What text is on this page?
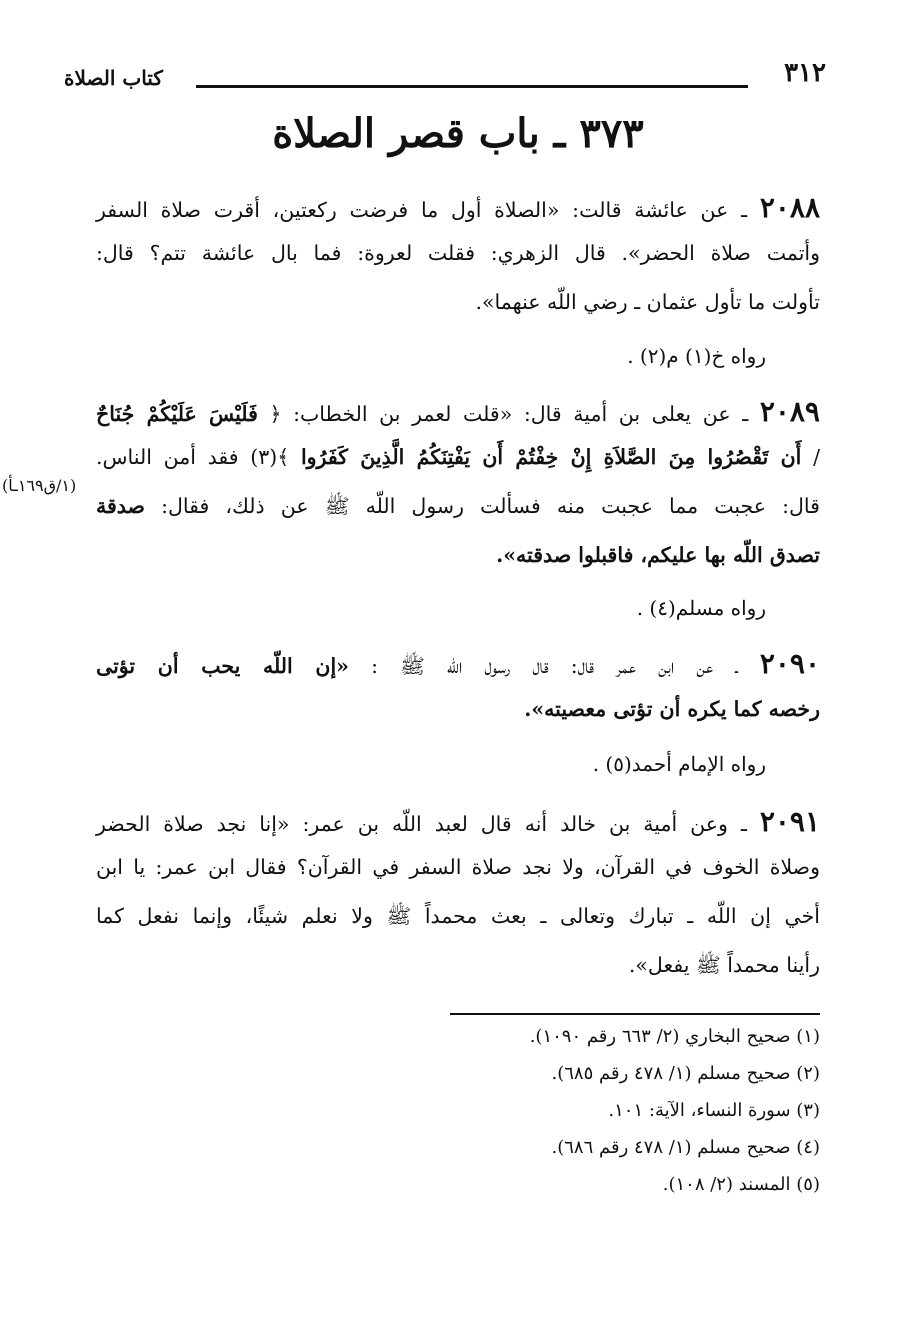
٣١٢
كتاب الصلاة
٣٧٣ ـ باب قصر الصلاة
٢٠٨٨ ـ عن عائشة قالت: «الصلاة أول ما فرضت ركعتين، أقرت صلاة السفر
وأتمت صلاة الحضر». قال الزهري: فقلت لعروة: فما بال عائشة تتم؟ قال:
تأولت ما تأول عثمان ـ رضي اللّه عنهما».
رواه خ(١) م(٢) .
٢٠٨٩ ـ عن يعلى بن أمية قال: «قلت لعمر بن الخطاب: ﴿ فَلَيْسَ عَلَيْكُمْ جُنَاحٌ
/ أَن تَقْصُرُوا مِنَ الصَّلاَةِ إِنْ خِفْتُمْ أَن يَفْتِنَكُمُ الَّذِينَ كَفَرُوا ﴾(٣) فقد أمن الناس.
قال: عجبت مما عجبت منه فسألت رسول اللّه ﷺ عن ذلك، فقال: صدقة
تصدق اللّه بها عليكم، فاقبلوا صدقته».
رواه مسلم(٤) .
(١/ق١٦٩ـأ)
٢٠٩٠ ـ عن ابن عمر قال: قال رسول اللّه ﷺ : «إن اللّه يحب أن تؤتى
رخصه كما يكره أن تؤتى معصيته».
رواه الإمام أحمد(٥) .
٢٠٩١ ـ وعن أمية بن خالد أنه قال لعبد اللّه بن عمر: «إنا نجد صلاة الحضر
وصلاة الخوف في القرآن، ولا نجد صلاة السفر في القرآن؟ فقال ابن عمر: يا ابن
أخي إن اللّه ـ تبارك وتعالى ـ بعث محمداً ﷺ ولا نعلم شيئًا، وإنما نفعل كما
رأينا محمداً ﷺ يفعل».
(١) صحيح البخاري (٢/ ٦٦٣ رقم ١٠٩٠).
(٢) صحيح مسلم (١/ ٤٧٨ رقم ٦٨٥).
(٣) سورة النساء، الآية: ١٠١.
(٤) صحيح مسلم (١/ ٤٧٨ رقم ٦٨٦).
(٥) المسند (٢/ ١٠٨).
